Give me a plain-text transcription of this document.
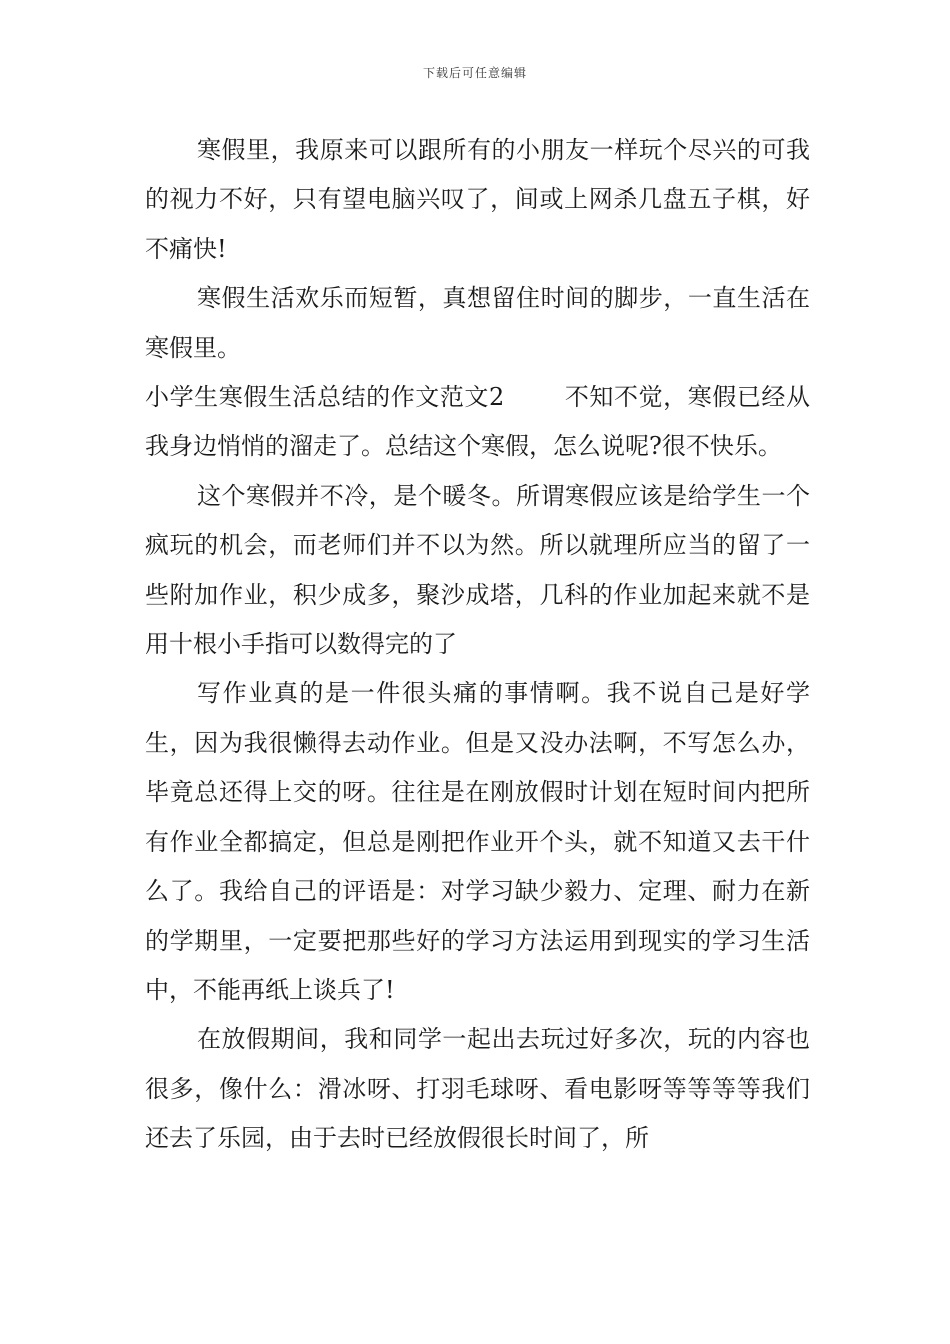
下载后可任意编辑

寒假里，我原来可以跟所有的小朋友一样玩个尽兴的可我的视力不好，只有望电脑兴叹了，间或上网杀几盘五子棋，好不痛快!

寒假生活欢乐而短暂，真想留住时间的脚步，一直生活在寒假里。

小学生寒假生活总结的作文范文2	不知不觉，寒假已经从我身边悄悄的溜走了。总结这个寒假，怎么说呢?很不快乐。

这个寒假并不冷，是个暖冬。所谓寒假应该是给学生一个疯玩的机会，而老师们并不以为然。所以就理所应当的留了一些附加作业，积少成多，聚沙成塔，几科的作业加起来就不是用十根小手指可以数得完的了

写作业真的是一件很头痛的事情啊。我不说自己是好学生，因为我很懒得去动作业。但是又没办法啊，不写怎么办，毕竟总还得上交的呀。往往是在刚放假时计划在短时间内把所有作业全都搞定，但总是刚把作业开个头，就不知道又去干什么了。我给自己的评语是：对学习缺少毅力、定理、耐力在新的学期里，一定要把那些好的学习方法运用到现实的学习生活中，不能再纸上谈兵了!

在放假期间，我和同学一起出去玩过好多次，玩的内容也很多，像什么：滑冰呀、打羽毛球呀、看电影呀等等等等我们还去了乐园，由于去时已经放假很长时间了，所
